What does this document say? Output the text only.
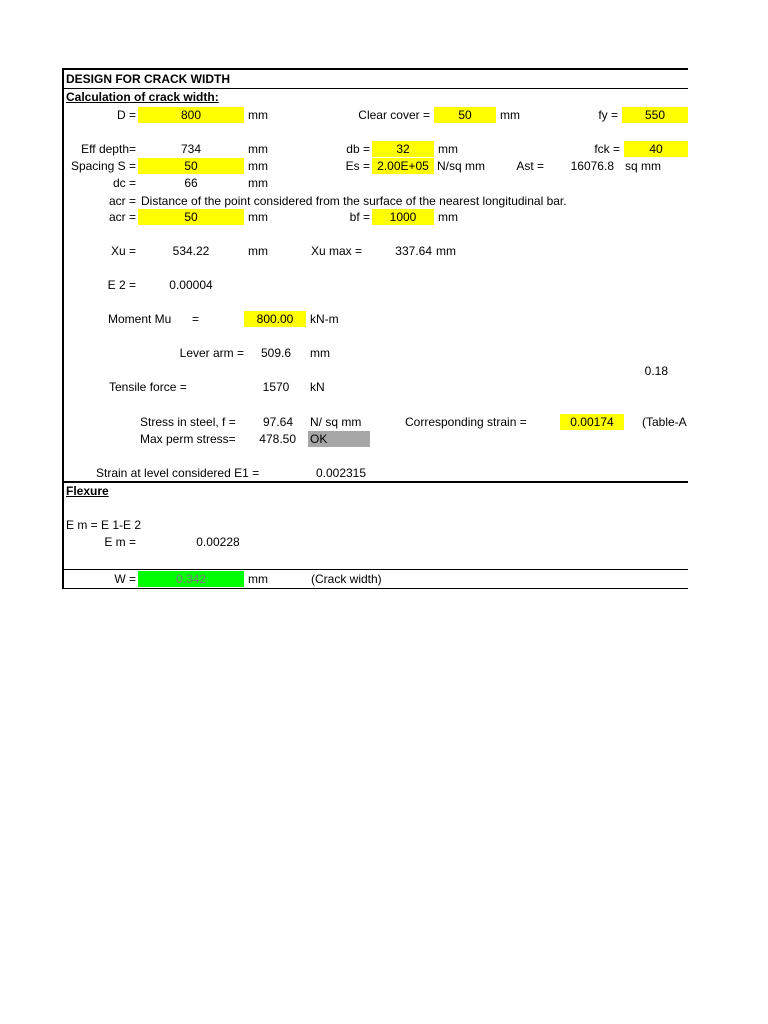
DESIGN FOR CRACK WIDTH
Calculation of crack width:
D =	800	mm	Clear cover =	50	mm	fy =	550
Eff depth=	734	mm	db =	32	mm	fck =	40
Spacing S =	50	mm	Es = 2.00E+05 N/sq mm	Ast =	16076.8 sq mm
dc =	66	mm
acr = Distance of the point considered from the surface of the nearest longitudinal bar.
acr =	50	mm	bf =	1000	mm
Xu =	534.22	mm	Xu max =	337.64 mm
E 2 =	0.00004
Moment Mu =	800.00	kN-m
Lever arm =	509.6	mm
0.18
Tensile force =	1570	kN
Stress in steel, f =	97.64 N/ sq mm	Corresponding strain =	0.00174	(Table-A
Max perm stress=	478.50 OK
Strain at level considered E1 =	0.002315
Flexure
E m = E 1-E 2
E m =	0.00228
W =	0.342	mm	(Crack width)
